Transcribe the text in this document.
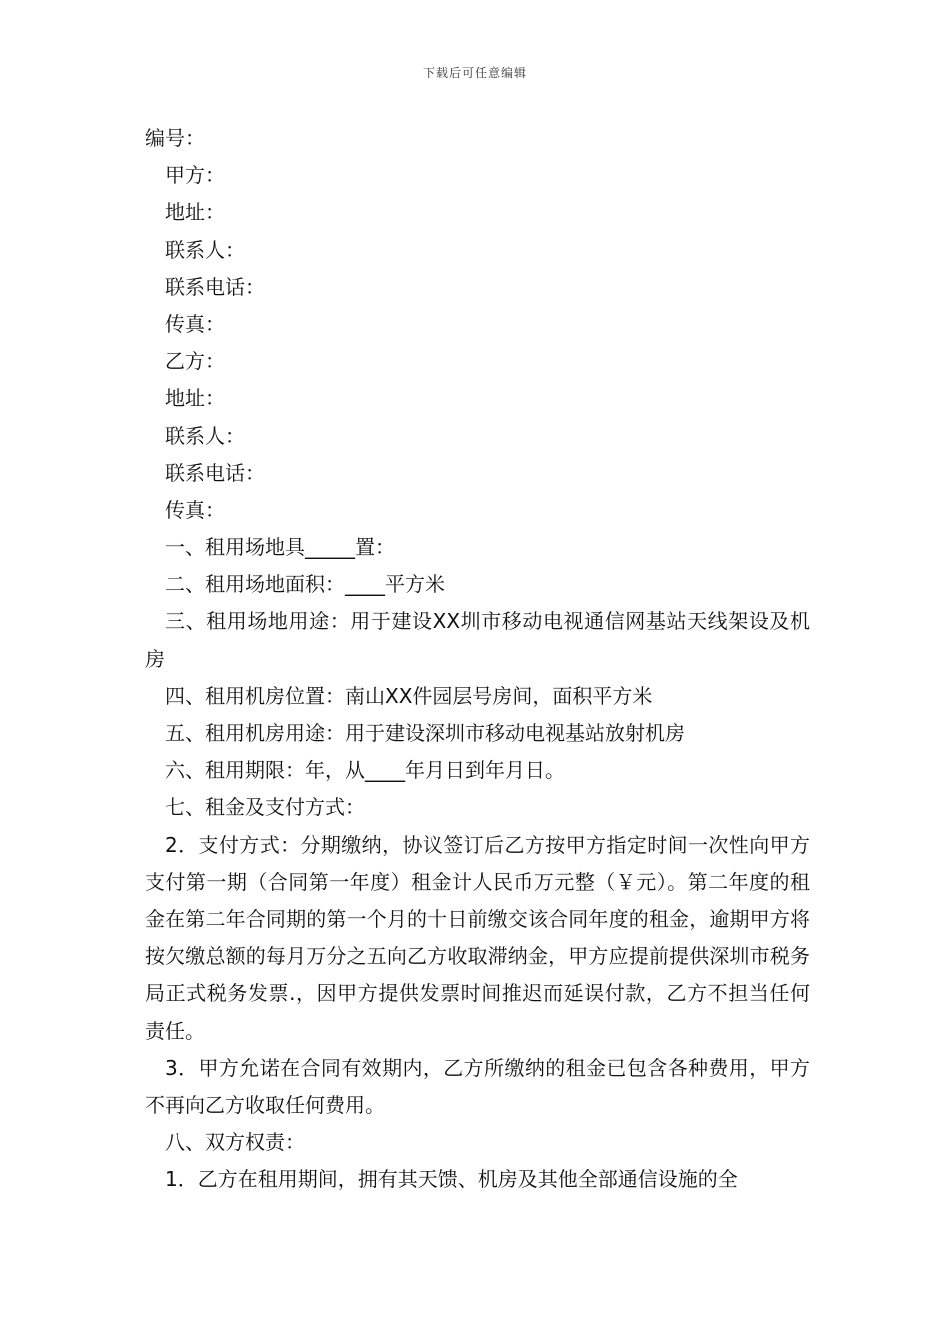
下载后可任意编辑
编号：
甲方：
地址：
联系人：
联系电话：
传真：
乙方：
地址：
联系人：
联系电话：
传真：
一、租用场地具_____置：
二、租用场地面积：____平方米
三、租用场地用途：用于建设XX圳市移动电视通信网基站天线架设及机房
四、租用机房位置：南山XX件园层号房间，面积平方米
五、租用机房用途：用于建设深圳市移动电视基站放射机房
六、租用期限：年，从____年月日到年月日。
七、租金及支付方式：
2．支付方式：分期缴纳，协议签订后乙方按甲方指定时间一次性向甲方支付第一期（合同第一年度）租金计人民币万元整（￥元）。第二年度的租金在第二年合同期的第一个月的十日前缴交该合同年度的租金，逾期甲方将按欠缴总额的每月万分之五向乙方收取滞纳金，甲方应提前提供深圳市税务局正式税务发票.，因甲方提供发票时间推迟而延误付款，乙方不担当任何责任。
3．甲方允诺在合同有效期内，乙方所缴纳的租金已包含各种费用，甲方不再向乙方收取任何费用。
八、双方权责：
1．乙方在租用期间，拥有其天馈、机房及其他全部通信设施的全
